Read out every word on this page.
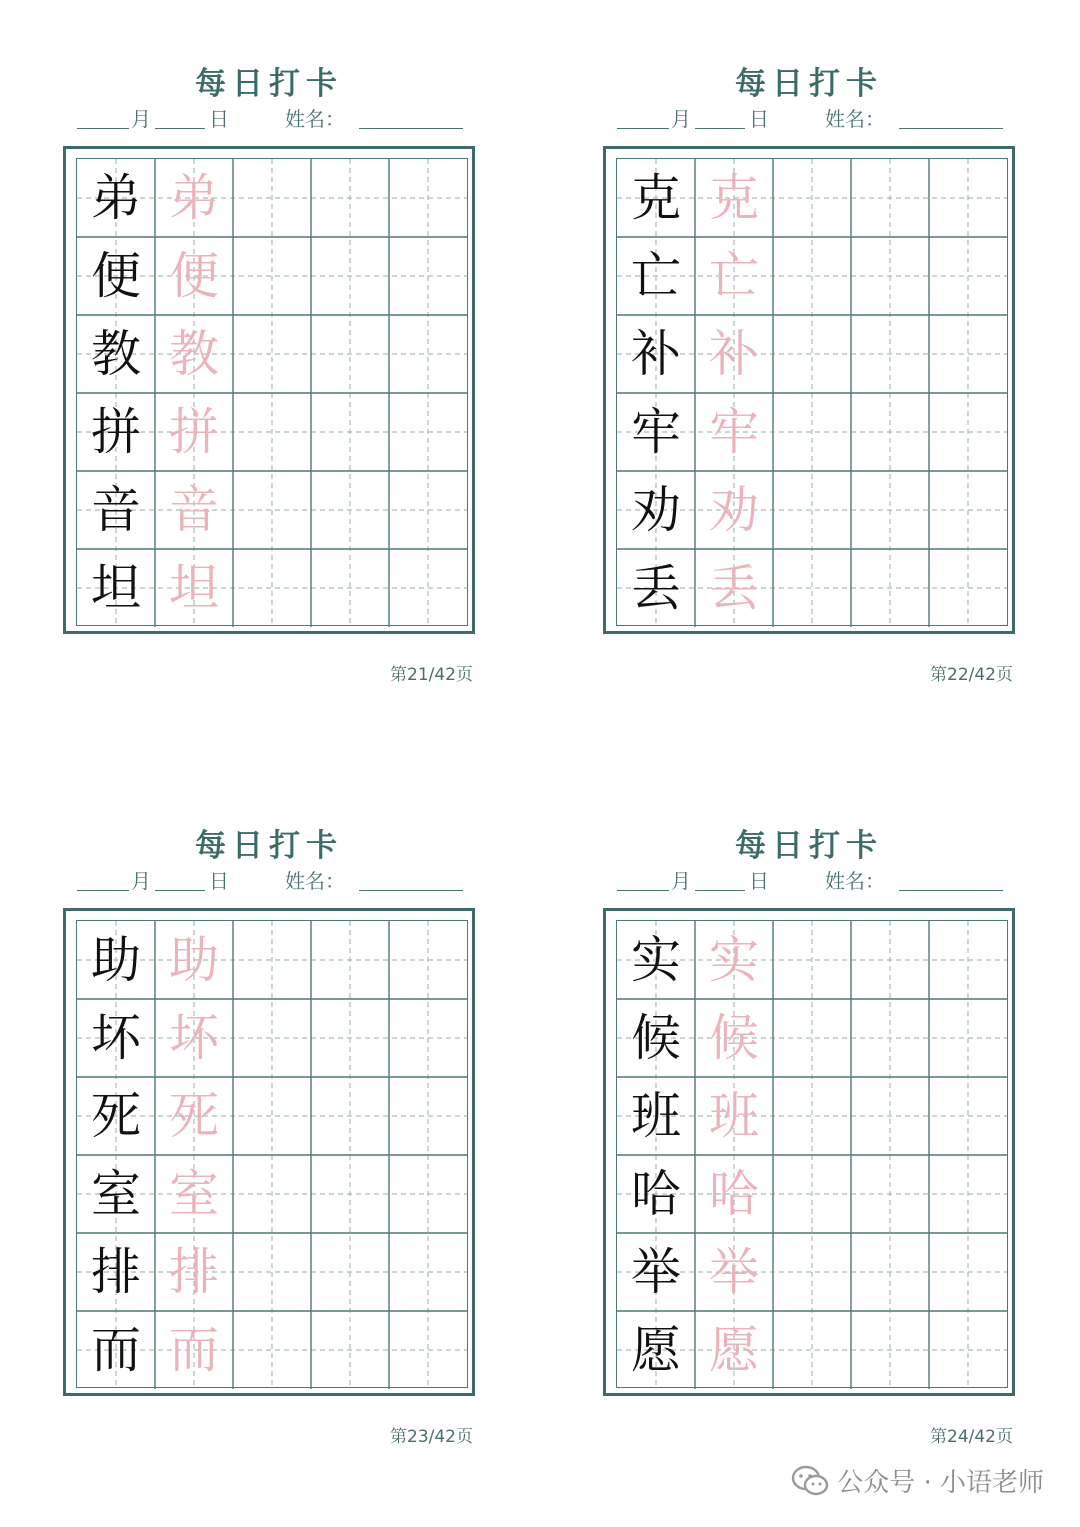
每日打卡
月	日	姓名：
弟 弟
便 便
教 教
拼 拼
音 音
坦 坦
第21/42页
每日打卡
月	日	姓名：
克 克
亡 亡
补 补
牢 牢
劝 劝
丢 丢
第22/42页
每日打卡
月	日	姓名：
助 助
坏 坏
死 死
室 室
排 排
而 而
第23/42页
每日打卡
月	日	姓名：
实 实
候 候
班 班
哈 哈
举 举
愿 愿
第24/42页
公众号 · 小语老师
